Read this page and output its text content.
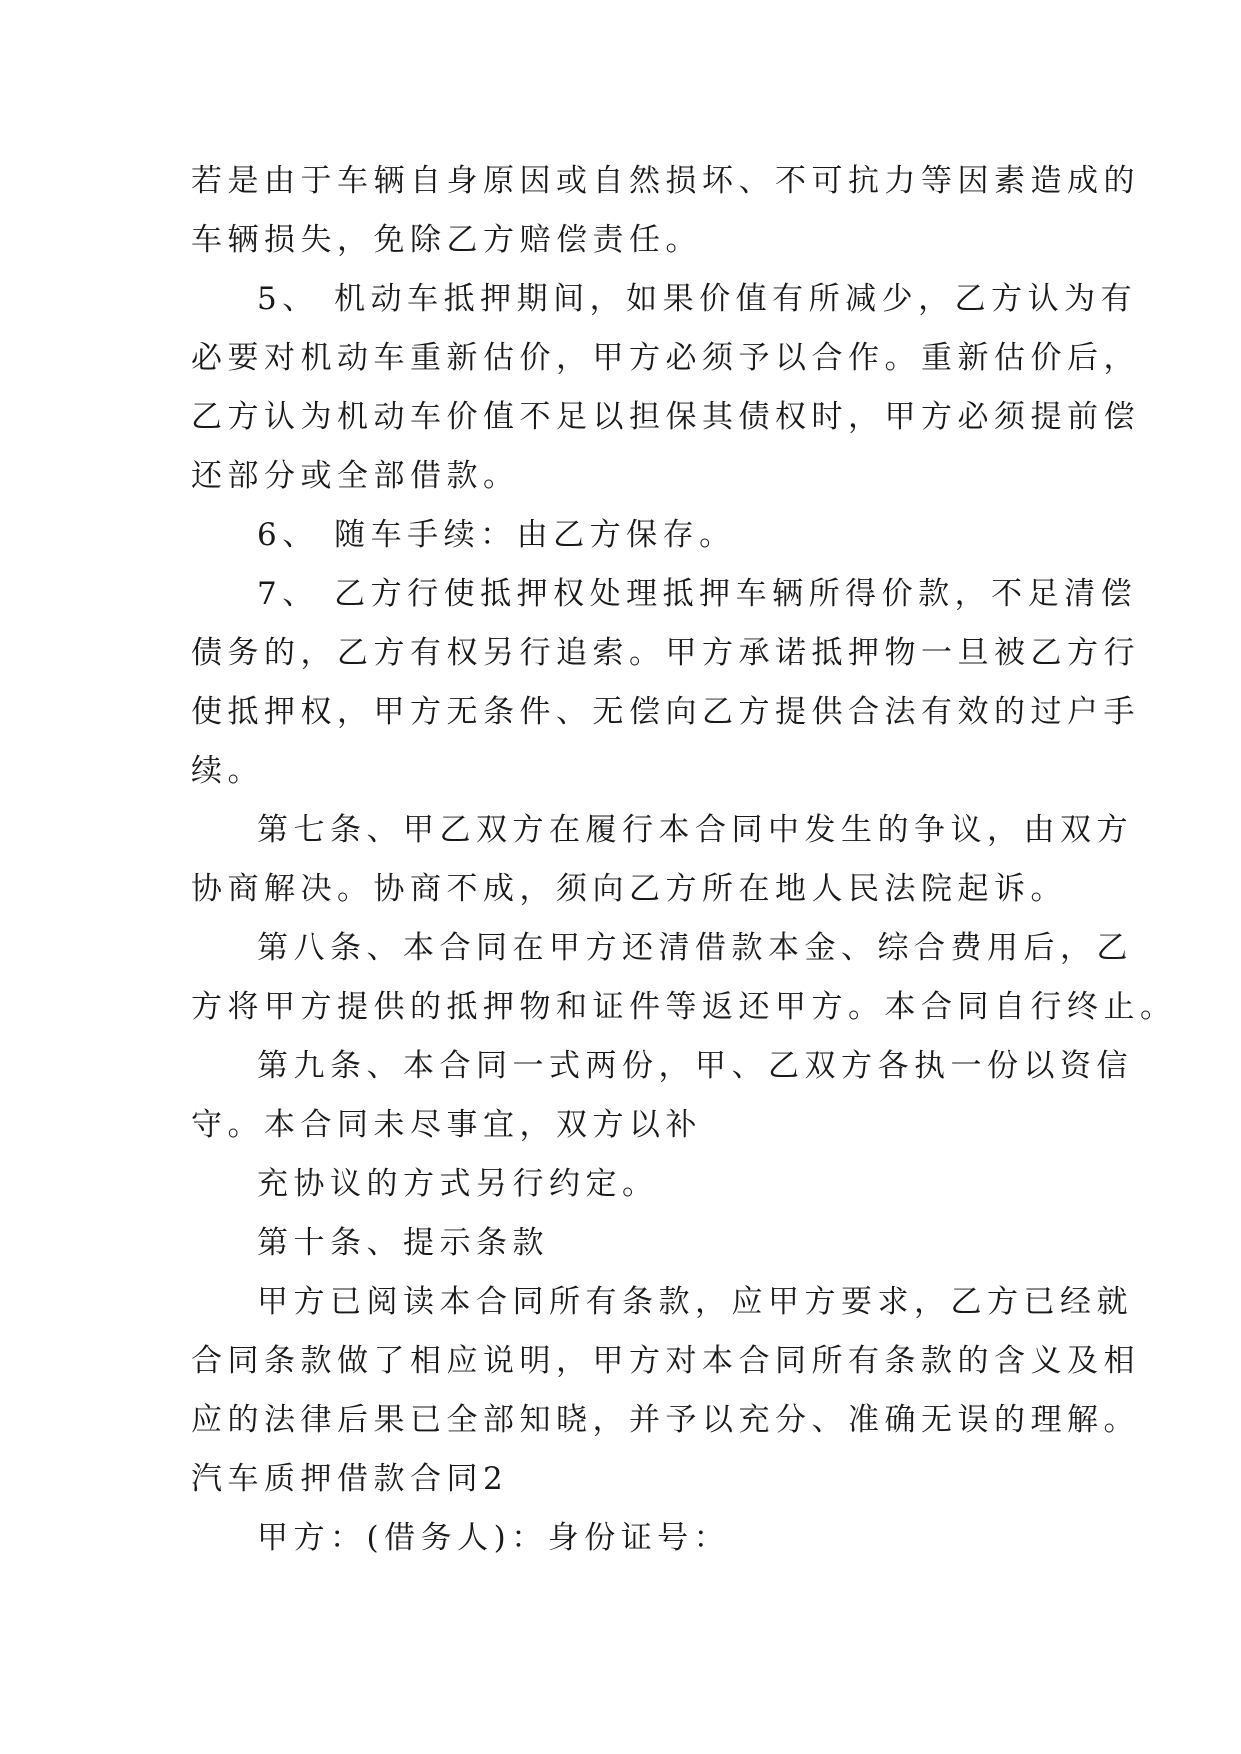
若是由于车辆自身原因或自然损坏、不可抗力等因素造成的
车辆损失，免除乙方赔偿责任。
5、 机动车抵押期间，如果价值有所减少，乙方认为有
必要对机动车重新估价，甲方必须予以合作。重新估价后，
乙方认为机动车价值不足以担保其债权时，甲方必须提前偿
还部分或全部借款。
6、 随车手续：由乙方保存。
7、 乙方行使抵押权处理抵押车辆所得价款，不足清偿
债务的，乙方有权另行追索。甲方承诺抵押物一旦被乙方行
使抵押权，甲方无条件、无偿向乙方提供合法有效的过户手
续。
第七条、甲乙双方在履行本合同中发生的争议，由双方
协商解决。协商不成，须向乙方所在地人民法院起诉。
第八条、本合同在甲方还清借款本金、综合费用后，乙
方将甲方提供的抵押物和证件等返还甲方。本合同自行终止。
第九条、本合同一式两份，甲、乙双方各执一份以资信
守。本合同未尽事宜，双方以补
充协议的方式另行约定。
第十条、提示条款
甲方已阅读本合同所有条款，应甲方要求，乙方已经就
合同条款做了相应说明，甲方对本合同所有条款的含义及相
应的法律后果已全部知晓，并予以充分、准确无误的理解。
汽车质押借款合同2
甲方：(借务人)：身份证号：
